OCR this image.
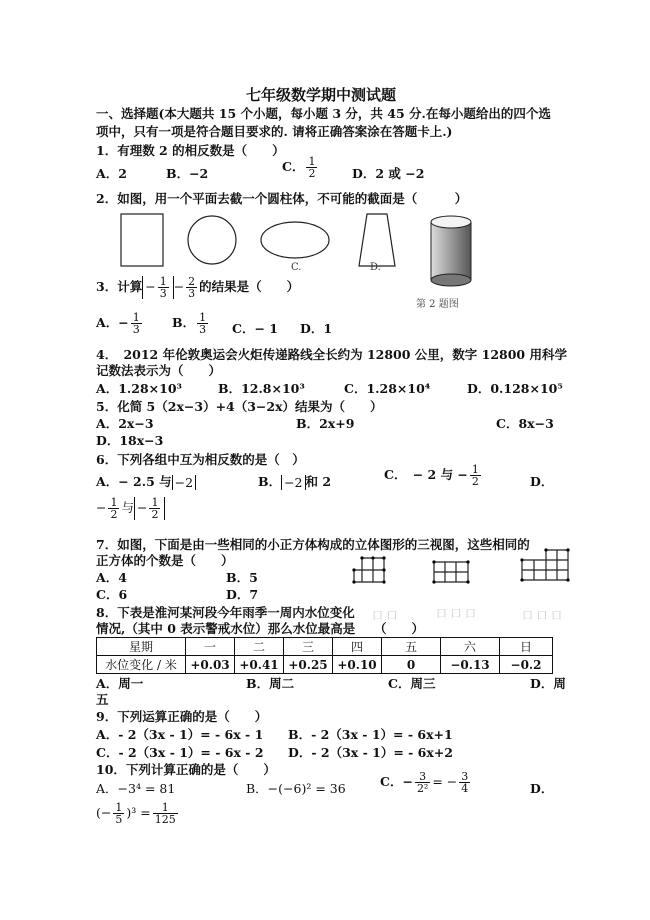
七年级数学期中测试题
一、选择题(本大题共 15 个小题，每小题 3 分，共 45 分.在每小题给出的四个选
项中，只有一项是符合题目要求的. 请将正确答案涂在答题卡上.)
1．有理数 2 的相反数是（　　）
A．2	B．−2	C． $\frac{1}{2}$	D．2 或 −2
2．如图，用一个平面去截一个圆柱体，不可能的截面是（　　　）
C.	D.
第 2 题图
3．计算 − $\frac{1}{3} - \frac{2}{3}$ 的结果是（　　）
A．− $\frac{1}{3}$ B． $\frac{1}{3}$ C．− 1 D．1
4．　2012 年伦敦奥运会火炬传递路线全长约为 12800 公里，数字 12800 用科学
记数法表示为（　　）
A．1.28×10³	B．12.8×10³	C．1.28×10⁴	D．0.128×10⁵
5．化简 5（2x−3）+4（3−2x）结果为（　　）
A．2x−3	B．2x+9	C．8x−3
D．18x−3
6．下列各组中互为相反数的是（　）
A．− 2.5 与 −2	B． −2 和 2	C．　− 2 与 − $\frac{1}{2}$	D．
− $\frac{1}{2}$ 与 − $\frac{1}{2}$
7．如图，下面是由一些相同的小正方体构成的立体图形的三视图，这些相同的
正方体的个数是（　　）
A．4	B．5
C．6	D．7
口 口	口 口 口	口 口 口
8．下表是淮河某河段今年雨季一周内水位变化
情况,（其中 0 表示警戒水位）那么水位最高是　　（　　）
星期	一	二	三	四	五	六	日
水位变化 / 米	+0.03	+0.41	+0.25	+0.10	0	−0.13	−0.2
A．周一	B．周二	C．周三	D．周
五
9．下列运算正确的是（　　）
A．- 2（3x - 1）= - 6x - 1 B．- 2（3x - 1）= - 6x+1
C．- 2（3x - 1）= - 6x - 2 D．- 2（3x - 1）= - 6x+2
10．下列计算正确的是（　　）
A．−3⁴ = 81	B．−(−6)² = 36	C．− $\frac{3}{\text{2²}}$ = − $\frac{3}{4}$	D．
(− $\frac{1}{5} )^3 = \frac{1}{125}$
